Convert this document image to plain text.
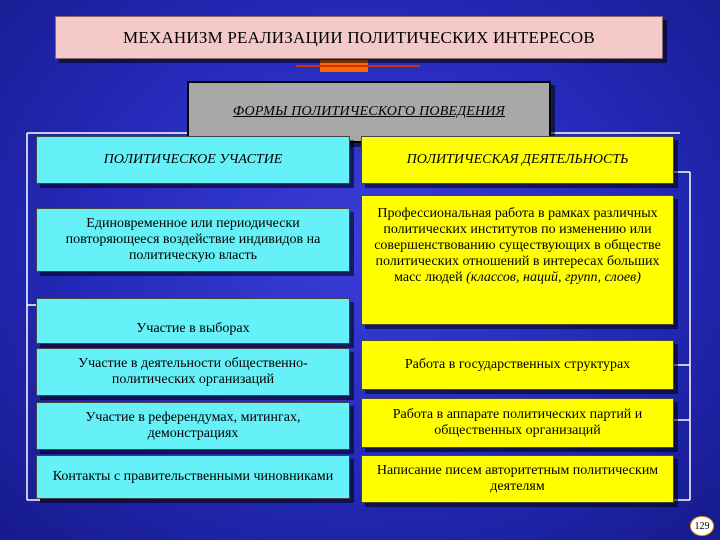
МЕХАНИЗМ РЕАЛИЗАЦИИ ПОЛИТИЧЕСКИХ ИНТЕРЕСОВ
ФОРМЫ ПОЛИТИЧЕСКОГО ПОВЕДЕНИЯ
ПОЛИТИЧЕСКОЕ УЧАСТИЕ
Единовременное или периодически повторяющееся воздействие индивидов на политическую власть
Участие в выборах
Участие в деятельности общественно-политических организаций
Участие в референдумах, митингах, демонстрациях
Контакты с правительственными чиновниками
ПОЛИТИЧЕСКАЯ ДЕЯТЕЛЬНОСТЬ
Профессиональная работа в рамках различных политических институтов по изменению или совершенствованию существующих в обществе политических отношений в интересах больших масс людей (классов, наций, групп, слоев)
Работа в государственных структурах
Работа в аппарате политических партий и общественных организаций
Написание писем авторитетным политическим деятелям
129
